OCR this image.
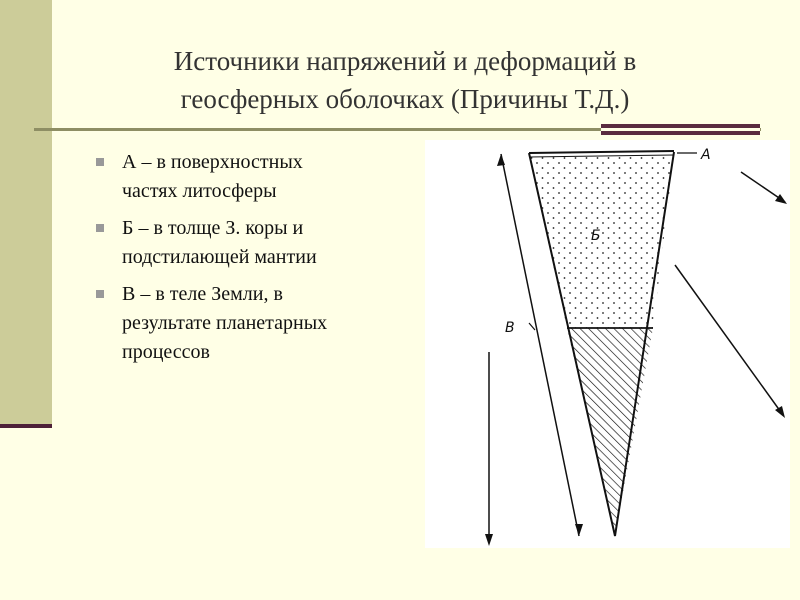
Источники напряжений и деформаций в
геосферных оболочках (Причины Т.Д.)
А – в поверхностных
частях литосферы
Б – в толще З. коры и
подстилающей мантии
В – в теле Земли, в
результате планетарных
процессов
А
Б
В
